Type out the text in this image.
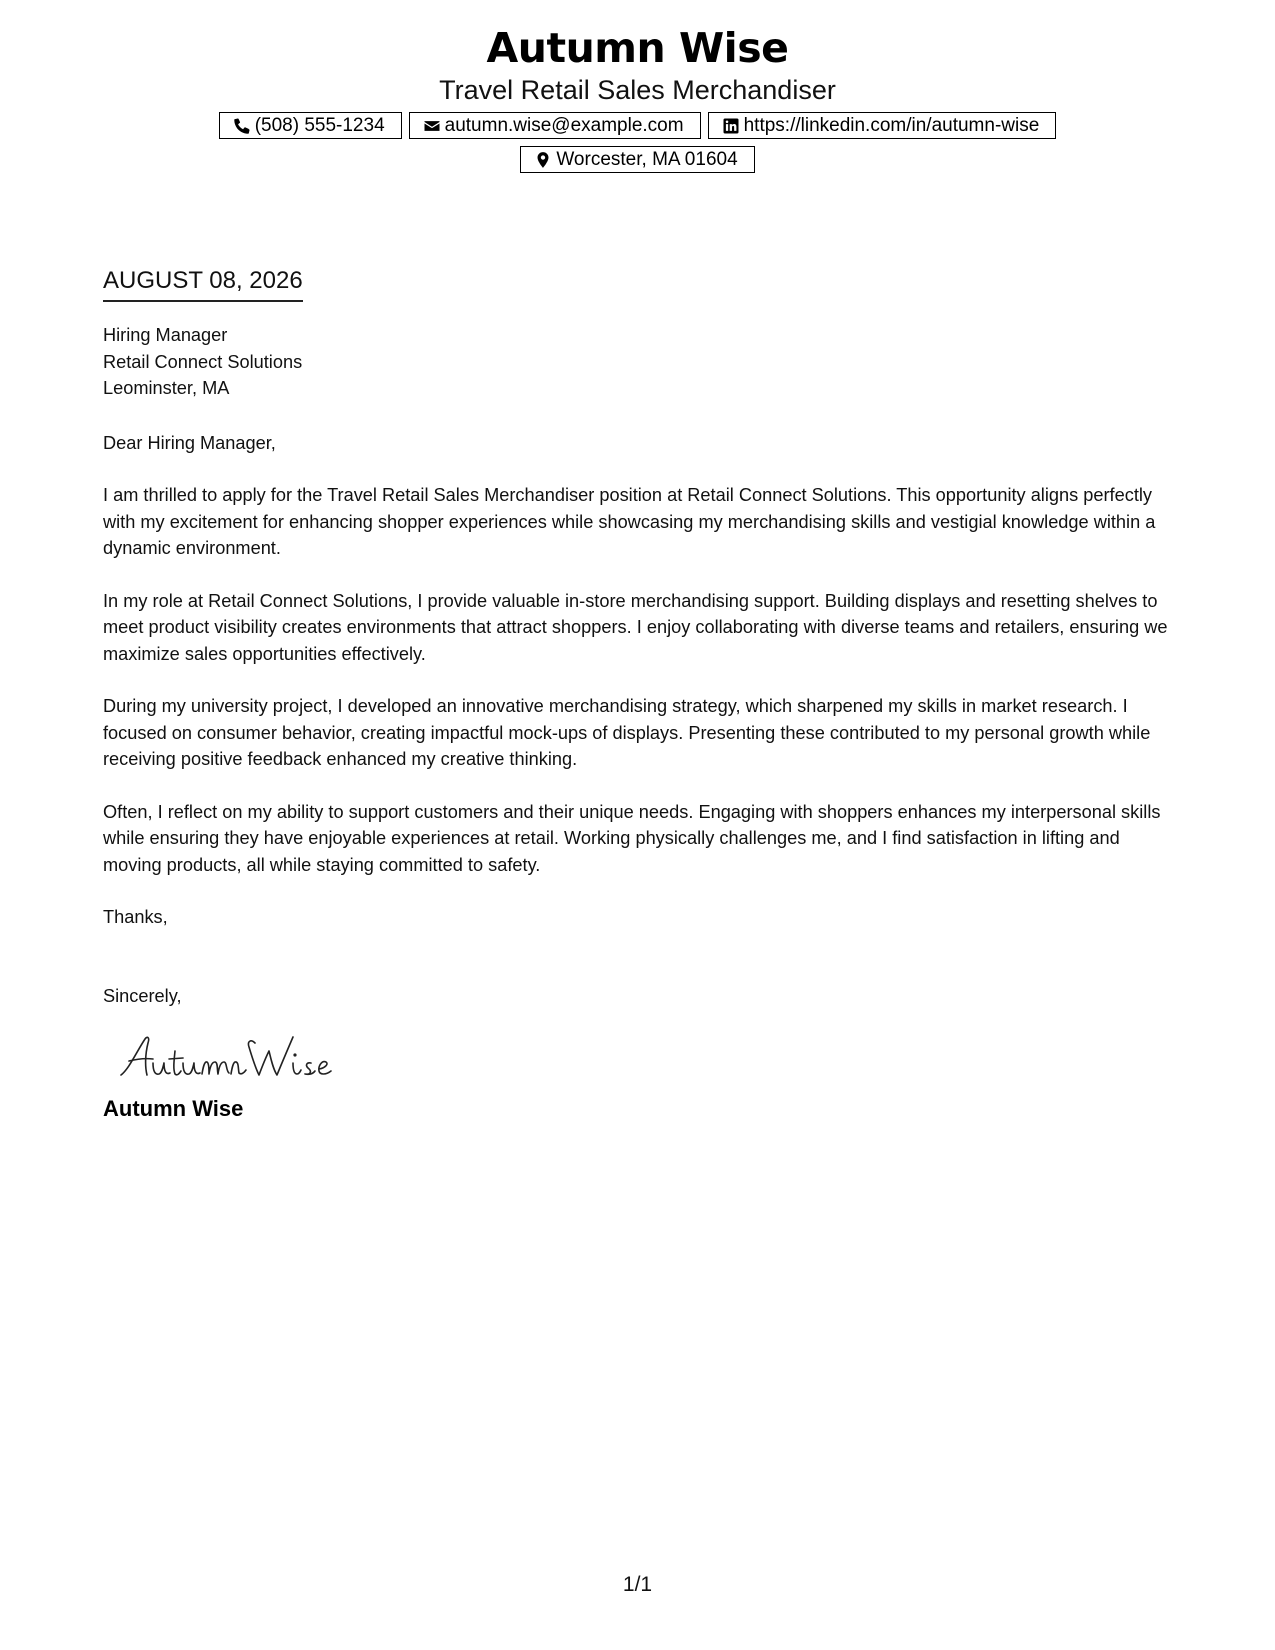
Autumn Wise
Travel Retail Sales Merchandiser
(508) 555-1234	autumn.wise@example.com	https://linkedin.com/in/autumn-wise
Worcester, MA 01604
AUGUST 08, 2026
Hiring Manager
Retail Connect Solutions
Leominster, MA
Dear Hiring Manager,
I am thrilled to apply for the Travel Retail Sales Merchandiser position at Retail Connect Solutions. This opportunity aligns perfectly with my excitement for enhancing shopper experiences while showcasing my merchandising skills and vestigial knowledge within a dynamic environment.
In my role at Retail Connect Solutions, I provide valuable in-store merchandising support. Building displays and resetting shelves to meet product visibility creates environments that attract shoppers. I enjoy collaborating with diverse teams and retailers, ensuring we maximize sales opportunities effectively.
During my university project, I developed an innovative merchandising strategy, which sharpened my skills in market research. I focused on consumer behavior, creating impactful mock-ups of displays. Presenting these contributed to my personal growth while receiving positive feedback enhanced my creative thinking.
Often, I reflect on my ability to support customers and their unique needs. Engaging with shoppers enhances my interpersonal skills while ensuring they have enjoyable experiences at retail. Working physically challenges me, and I find satisfaction in lifting and moving products, all while staying committed to safety.
Thanks,
Sincerely,
Autumn Wise
1/1
